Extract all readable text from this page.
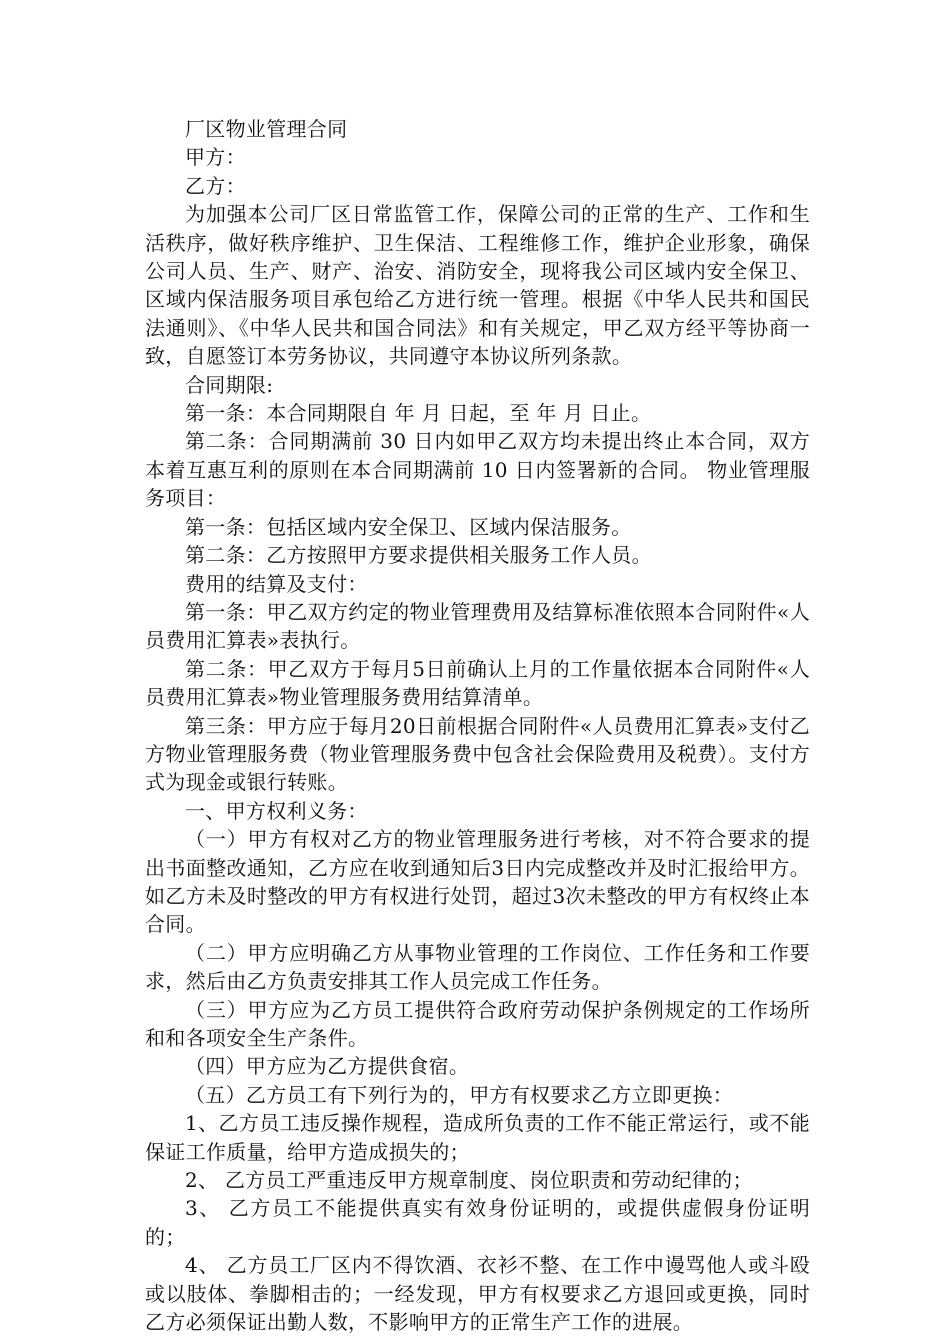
厂区物业管理合同

甲方：

乙方：

为加强本公司厂区日常监管工作，保障公司的正常的生产、工作和生活秩序，做好秩序维护、卫生保洁、工程维修工作，维护企业形象，确保公司人员、生产、财产、治安、消防安全，现将我公司区域内安全保卫、区域内保洁服务项目承包给乙方进行统一管理。根据《中华人民共和国民法通则》、《中华人民共和国合同法》和有关规定，甲乙双方经平等协商一致，自愿签订本劳务协议，共同遵守本协议所列条款。

合同期限:

第一条：本合同期限自 年 月 日起，至 年 月 日止。

第二条：合同期满前 30 日内如甲乙双方均未提出终止本合同，双方本着互惠互利的原则在本合同期满前 10 日内签署新的合同。 物业管理服务项目：

第一条：包括区域内安全保卫、区域内保洁服务。

第二条：乙方按照甲方要求提供相关服务工作人员。

费用的结算及支付：

第一条：甲乙双方约定的物业管理费用及结算标准依照本合同附件«人员费用汇算表»表执行。

第二条：甲乙双方于每月5日前确认上月的工作量依据本合同附件«人员费用汇算表»物业管理服务费用结算清单。

第三条：甲方应于每月20日前根据合同附件«人员费用汇算表»支付乙方物业管理服务费（物业管理服务费中包含社会保险费用及税费）。支付方式为现金或银行转账。

一、甲方权利义务：

（一）甲方有权对乙方的物业管理服务进行考核，对不符合要求的提出书面整改通知，乙方应在收到通知后3日内完成整改并及时汇报给甲方。如乙方未及时整改的甲方有权进行处罚，超过3次未整改的甲方有权终止本合同。

（二）甲方应明确乙方从事物业管理的工作岗位、工作任务和工作要求，然后由乙方负责安排其工作人员完成工作任务。

（三）甲方应为乙方员工提供符合政府劳动保护条例规定的工作场所和和各项安全生产条件。

（四）甲方应为乙方提供食宿。

（五）乙方员工有下列行为的，甲方有权要求乙方立即更换：

1、乙方员工违反操作规程，造成所负责的工作不能正常运行，或不能保证工作质量，给甲方造成损失的；

2、 乙方员工严重违反甲方规章制度、岗位职责和劳动纪律的；

3、 乙方员工不能提供真实有效身份证明的，或提供虚假身份证明的；

4、 乙方员工厂区内不得饮酒、衣衫不整、在工作中谩骂他人或斗殴或以肢体、拳脚相击的；一经发现，甲方有权要求乙方退回或更换，同时乙方必须保证出勤人数，不影响甲方的正常生产工作的进展。
